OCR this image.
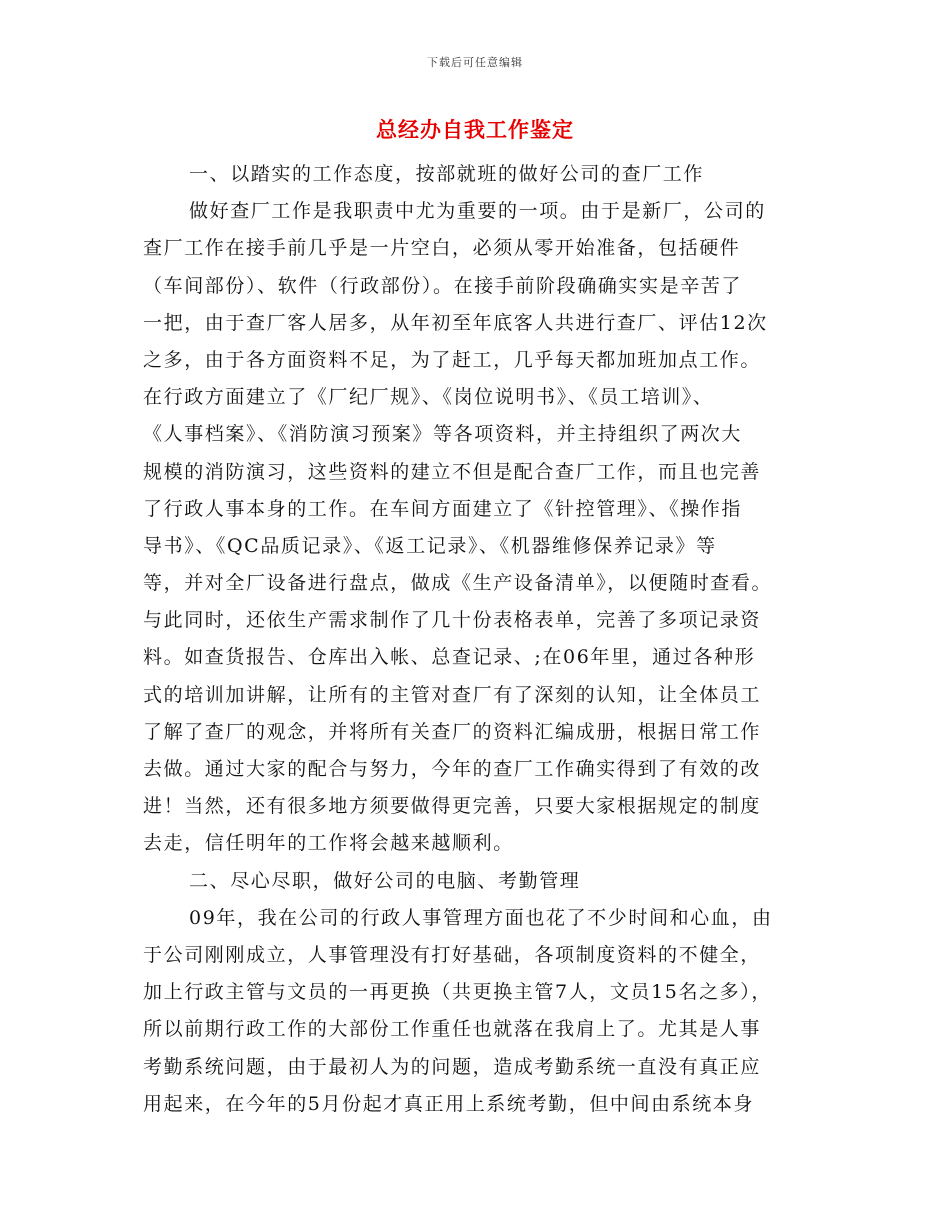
下载后可任意编辑
总经办自我工作鉴定
一、以踏实的工作态度，按部就班的做好公司的查厂工作
做好查厂工作是我职责中尤为重要的一项。由于是新厂，公司的
查厂工作在接手前几乎是一片空白，必须从零开始准备，包括硬件
（车间部份）、软件（行政部份）。在接手前阶段确确实实是辛苦了
一把，由于查厂客人居多，从年初至年底客人共进行查厂、评估12次
之多，由于各方面资料不足，为了赶工，几乎每天都加班加点工作。
在行政方面建立了《厂纪厂规》、《岗位说明书》、《员工培训》、
《人事档案》、《消防演习预案》等各项资料，并主持组织了两次大
规模的消防演习，这些资料的建立不但是配合查厂工作，而且也完善
了行政人事本身的工作。在车间方面建立了《针控管理》、《操作指
导书》、《QC品质记录》、《返工记录》、《机器维修保养记录》等
等，并对全厂设备进行盘点，做成《生产设备清单》，以便随时查看。
与此同时，还依生产需求制作了几十份表格表单，完善了多项记录资
料。如查货报告、仓库出入帐、总查记录、;在06年里，通过各种形
式的培训加讲解，让所有的主管对查厂有了深刻的认知，让全体员工
了解了查厂的观念，并将所有关查厂的资料汇编成册，根据日常工作
去做。通过大家的配合与努力，今年的查厂工作确实得到了有效的改
进！当然，还有很多地方须要做得更完善，只要大家根据规定的制度
去走，信任明年的工作将会越来越顺利。
二、尽心尽职，做好公司的电脑、考勤管理
09年，我在公司的行政人事管理方面也花了不少时间和心血，由
于公司刚刚成立，人事管理没有打好基础，各项制度资料的不健全，
加上行政主管与文员的一再更换（共更换主管7人，文员15名之多），
所以前期行政工作的大部份工作重任也就落在我肩上了。尤其是人事
考勤系统问题，由于最初人为的问题，造成考勤系统一直没有真正应
用起来，在今年的5月份起才真正用上系统考勤，但中间由系统本身
